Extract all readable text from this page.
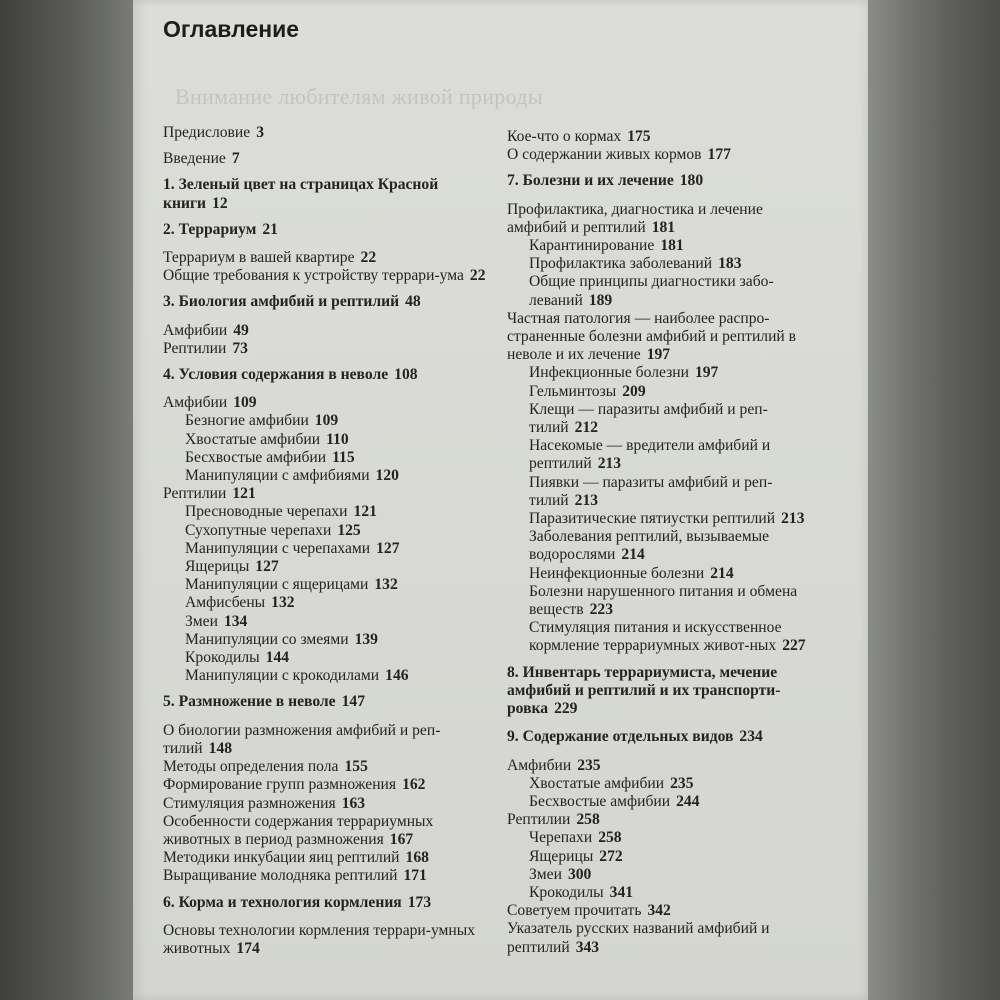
Внимание любителям живой природы
Оглавление
Предисловие 3
Введение 7
1. Зеленый цвет на страницах Красной книги 12
2. Террариум 21
Террариум в вашей квартире 22
Общие требования к устройству террари-ума 22
3. Биология амфибий и рептилий 48
Амфибии 49
Рептилии 73
4. Условия содержания в неволе 108
Амфибии 109
Безногие амфибии 109
Хвостатые амфибии 110
Бесхвостые амфибии 115
Манипуляции с амфибиями 120
Рептилии 121
Пресноводные черепахи 121
Сухопутные черепахи 125
Манипуляции с черепахами 127
Ящерицы 127
Манипуляции с ящерицами 132
Амфисбены 132
Змеи 134
Манипуляции со змеями 139
Крокодилы 144
Манипуляции с крокодилами 146
5. Размножение в неволе 147
О биологии размножения амфибий и реп-тилий 148
Методы определения пола 155
Формирование групп размножения 162
Стимуляция размножения 163
Особенности содержания террариумных животных в период размножения 167
Методики инкубации яиц рептилий 168
Выращивание молодняка рептилий 171
6. Корма и технология кормления 173
Основы технологии кормления террари-умных животных 174
Кое-что о кормах 175
О содержании живых кормов 177
7. Болезни и их лечение 180
Профилактика, диагностика и лечение амфибий и рептилий 181
Карантинирование 181
Профилактика заболеваний 183
Общие принципы диагностики забо-леваний 189
Частная патология — наиболее распро-страненные болезни амфибий и рептилий в неволе и их лечение 197
Инфекционные болезни 197
Гельминтозы 209
Клещи — паразиты амфибий и реп-тилий 212
Насекомые — вредители амфибий и рептилий 213
Пиявки — паразиты амфибий и реп-тилий 213
Паразитические пятиустки рептилий 213
Заболевания рептилий, вызываемые водорослями 214
Неинфекционные болезни 214
Болезни нарушенного питания и обмена веществ 223
Стимуляция питания и искусственное кормление террариумных живот-ных 227
8. Инвентарь террариумиста, мечение амфибий и рептилий и их транспорти-ровка 229
9. Содержание отдельных видов 234
Амфибии 235
Хвостатые амфибии 235
Бесхвостые амфибии 244
Рептилии 258
Черепахи 258
Ящерицы 272
Змеи 300
Крокодилы 341
Советуем прочитать 342
Указатель русских названий амфибий и рептилий 343
